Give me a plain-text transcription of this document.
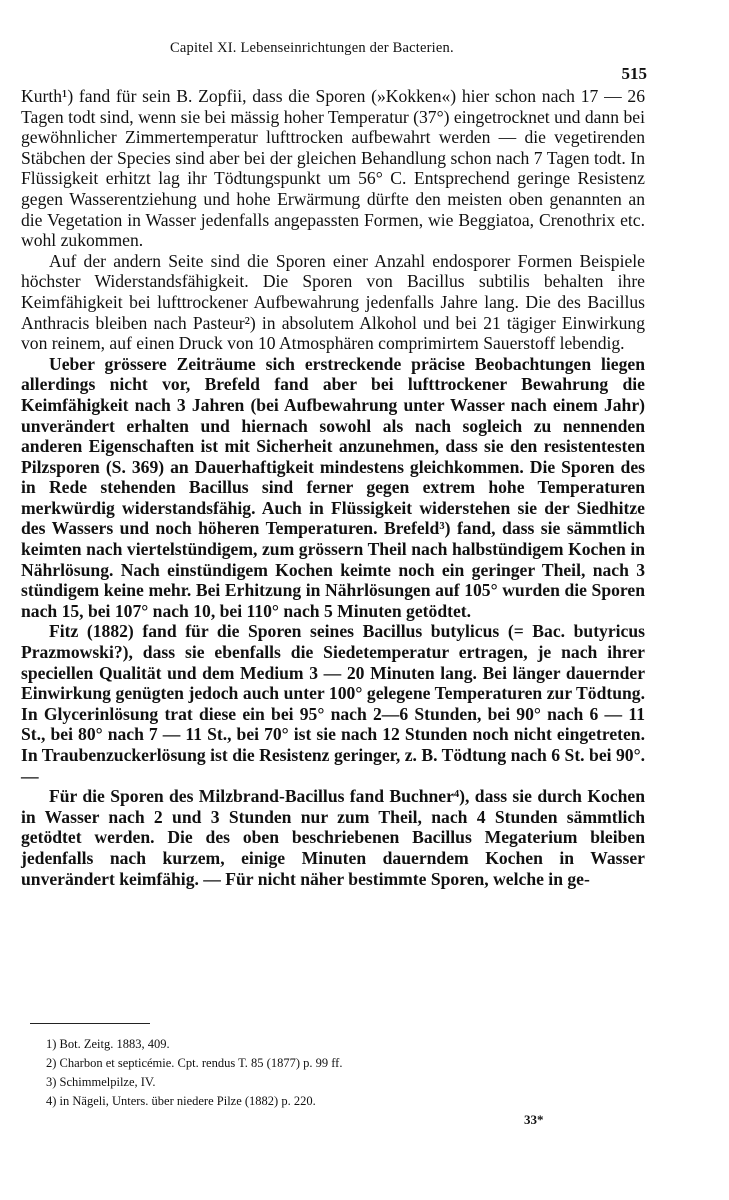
Capitel XI. Lebenseinrichtungen der Bacterien.
515

Kurth¹) fand für sein B. Zopfii, dass die Sporen (»Kokken«) hier schon nach 17 — 26 Tagen todt sind, wenn sie bei mässig hoher Temperatur (37°) eingetrocknet und dann bei gewöhnlicher Zimmertemperatur lufttrocken aufbewahrt werden — die vegetirenden Stäbchen der Species sind aber bei der gleichen Behandlung schon nach 7 Tagen todt. In Flüssigkeit erhitzt lag ihr Tödtungspunkt um 56° C. Entsprechend geringe Resistenz gegen Wasserentziehung und hohe Erwärmung dürfte den meisten oben genannten an die Vegetation in Wasser jedenfalls angepassten Formen, wie Beggiatoa, Crenothrix etc. wohl zukommen.

Auf der andern Seite sind die Sporen einer Anzahl endosporer Formen Beispiele höchster Widerstandsfähigkeit. Die Sporen von Bacillus subtilis behalten ihre Keimfähigkeit bei lufttrockener Aufbewahrung jedenfalls Jahre lang. Die des Bacillus Anthracis bleiben nach Pasteur²) in absolutem Alkohol und bei 21 tägiger Einwirkung von reinem, auf einen Druck von 10 Atmosphären comprimirtem Sauerstoff lebendig.

Ueber grössere Zeiträume sich erstreckende präcise Beobachtungen liegen allerdings nicht vor, Brefeld fand aber bei lufttrockener Bewahrung die Keimfähigkeit nach 3 Jahren (bei Aufbewahrung unter Wasser nach einem Jahr) unverändert erhalten und hiernach sowohl als nach sogleich zu nennenden anderen Eigenschaften ist mit Sicherheit anzunehmen, dass sie den resistentesten Pilzsporen (S. 369) an Dauerhaftigkeit mindestens gleichkommen. Die Sporen des in Rede stehenden Bacillus sind ferner gegen extrem hohe Temperaturen merkwürdig widerstandsfähig. Auch in Flüssigkeit widerstehen sie der Siedhitze des Wassers und noch höheren Temperaturen. Brefeld³) fand, dass sie sämmtlich keimten nach viertelstündigem, zum grössern Theil nach halbstündigem Kochen in Nährlösung. Nach einstündigem Kochen keimte noch ein geringer Theil, nach 3 stündigem keine mehr. Bei Erhitzung in Nährlösungen auf 105° wurden die Sporen nach 15, bei 107° nach 10, bei 110° nach 5 Minuten getödtet.

Fitz (1882) fand für die Sporen seines Bacillus butylicus (= Bac. butyricus Prazmowski?), dass sie ebenfalls die Siedetemperatur ertragen, je nach ihrer speciellen Qualität und dem Medium 3 — 20 Minuten lang. Bei länger dauernder Einwirkung genügten jedoch auch unter 100° gelegene Temperaturen zur Tödtung. In Glycerinlösung trat diese ein bei 95° nach 2—6 Stunden, bei 90° nach 6 — 11 St., bei 80° nach 7 — 11 St., bei 70° ist sie nach 12 Stunden noch nicht eingetreten. In Traubenzuckerlösung ist die Resistenz geringer, z. B. Tödtung nach 6 St. bei 90°. —

Für die Sporen des Milzbrand-Bacillus fand Buchner⁴), dass sie durch Kochen in Wasser nach 2 und 3 Stunden nur zum Theil, nach 4 Stunden sämmtlich getödtet werden. Die des oben beschriebenen Bacillus Megaterium bleiben jedenfalls nach kurzem, einige Minuten dauerndem Kochen in Wasser unverändert keimfähig. — Für nicht näher bestimmte Sporen, welche in ge-

1) Bot. Zeitg. 1883, 409.
2) Charbon et septicémie. Cpt. rendus T. 85 (1877) p. 99 ff.
3) Schimmelpilze, IV.
4) in Nägeli, Unters. über niedere Pilze (1882) p. 220.
33*
